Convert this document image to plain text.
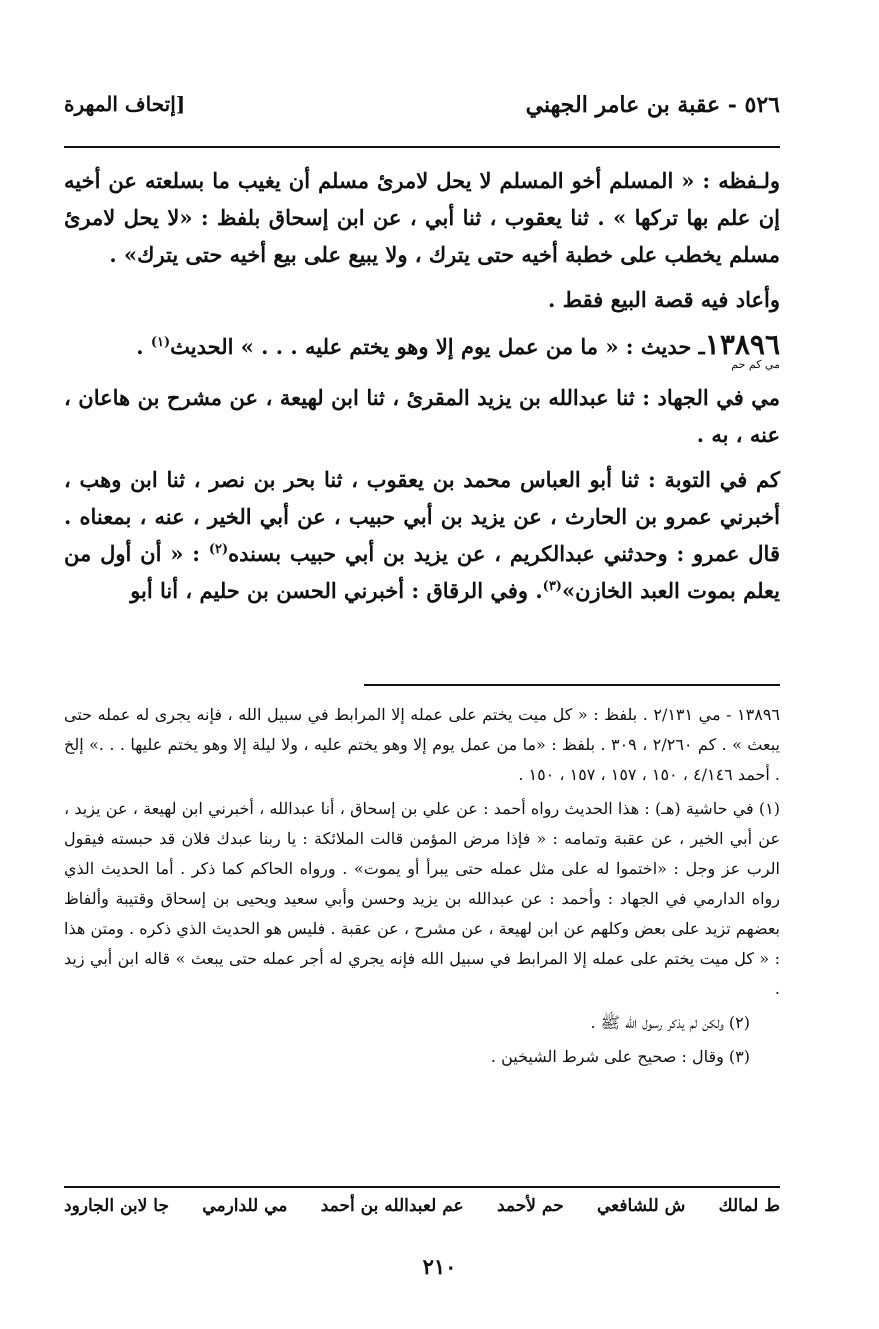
٥٢٦ - عقبة بن عامر الجهني
[إتحاف المهرة

ولـفظه : « المسلم أخو المسلم لا يحل لامرئ مسلم أن يغيب ما بسلعته عن أخيه إن علم بها تركها » . ثنا يعقوب ، ثنا أبي ، عن ابن إسحاق بلفظ : «لا يحل لامرئ مسلم يخطب على خطبة أخيه حتى يترك ، ولا يبيع على بيع أخيه حتى يترك» .

وأعاد فيه قصة البيع فقط .

١٣٨٩٦ـ حديث : « ما من عمل يوم إلا وهو يختم عليه . . . » الحديث$^{(١)}$ .
مي كم حم

مي في الجهاد : ثنا عبدالله بن يزيد المقرئ ، ثنا ابن لهيعة ، عن مشرح بن هاعان ، عنه ، به .

كم في التوبة : ثنا أبو العباس محمد بن يعقوب ، ثنا بحر بن نصر ، ثنا ابن وهب ، أخبرني عمرو بن الحارث ، عن يزيد بن أبي حبيب ، عن أبي الخير ، عنه ، بمعناه . قال عمرو : وحدثني عبدالكريم ، عن يزيد بن أبي حبيب بسنده$^{(٢)}$ : « أن أول من يعلم بموت العبد الخازن»$^{(٣)}$. وفي الرقاق : أخبرني الحسن بن حليم ، أنا أبو

١٣٨٩٦ - مي ٢/١٣١ . بلفظ : « كل ميت يختم على عمله إلا المرابط في سبيل الله ، فإنه يجرى له عمله حتى يبعث » . كم ٢/٢٦٠ ، ٣٠٩ . بلفظ : «ما من عمل يوم إلا وهو يختم عليه ، ولا ليلة إلا وهو يختم عليها . . .» إلخ . أحمد ٤/١٤٦ ، ١٥٠ ، ١٥٧ ، ١٥٧ ، ١٥٠ .

(١) في حاشية (هـ) : هذا الحديث رواه أحمد : عن علي بن إسحاق ، أنا عبدالله ، أخبرني ابن لهيعة ، عن يزيد ، عن أبي الخير ، عن عقبة وتمامه : « فإذا مرض المؤمن قالت الملائكة : يا ربنا عبدك فلان قد حبسته فيقول الرب عز وجل : «اختموا له على مثل عمله حتى يبرأ أو يموت» . ورواه الحاكم كما ذكر . أما الحديث الذي رواه الدارمي في الجهاد : وأحمد : عن عبدالله بن يزيد وحسن وأبي سعيد ويحيى بن إسحاق وقتيبة وألفاظ بعضهم تزيد على بعض وكلهم عن ابن لهيعة ، عن مشرح ، عن عقبة . فليس هو الحديث الذي ذكره . ومتن هذا : « كل ميت يختم على عمله إلا المرابط في سبيل الله فإنه يجري له أجر عمله حتى يبعث » قاله ابن أبي زيد .

(٢) ولكن لم يذكر رسول الله ﷺ .

(٣) وقال : صحيح على شرط الشيخين .

ط لمالك
ش للشافعي
حم لأحمد
عم لعبدالله بن أحمد
مي للدارمي
جا لابن الجارود
٢١٠
